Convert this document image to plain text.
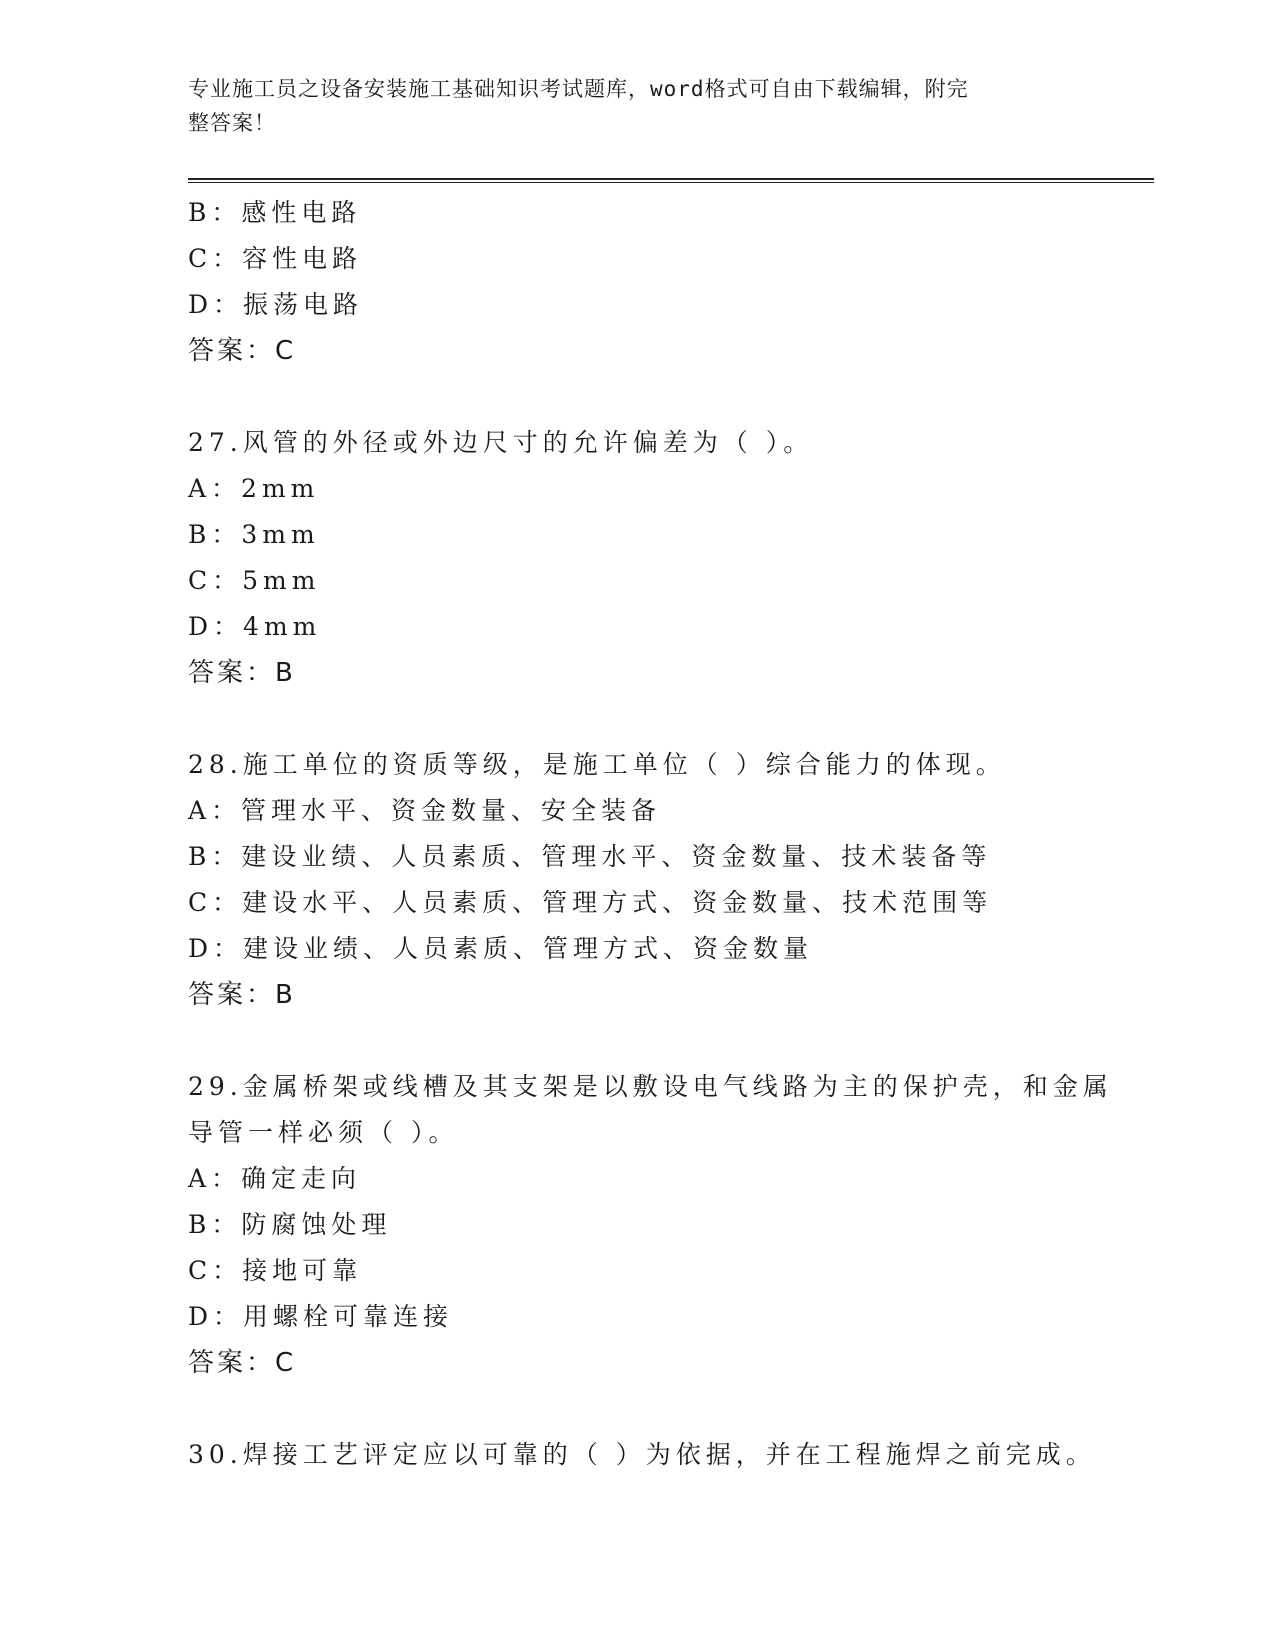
专业施工员之设备安装施工基础知识考试题库，word格式可自由下载编辑，附完
整答案！
B：感性电路
C：容性电路
D：振荡电路
答案：C
27.风管的外径或外边尺寸的允许偏差为（ ）。
A：2mm
B：3mm
C：5mm
D：4mm
答案：B
28.施工单位的资质等级，是施工单位（ ）综合能力的体现。
A：管理水平、资金数量、安全装备
B：建设业绩、人员素质、管理水平、资金数量、技术装备等
C：建设水平、人员素质、管理方式、资金数量、技术范围等
D：建设业绩、人员素质、管理方式、资金数量
答案：B
29.金属桥架或线槽及其支架是以敷设电气线路为主的保护壳，和金属
导管一样必须（ ）。
A：确定走向
B：防腐蚀处理
C：接地可靠
D：用螺栓可靠连接
答案：C
30.焊接工艺评定应以可靠的（ ）为依据，并在工程施焊之前完成。
